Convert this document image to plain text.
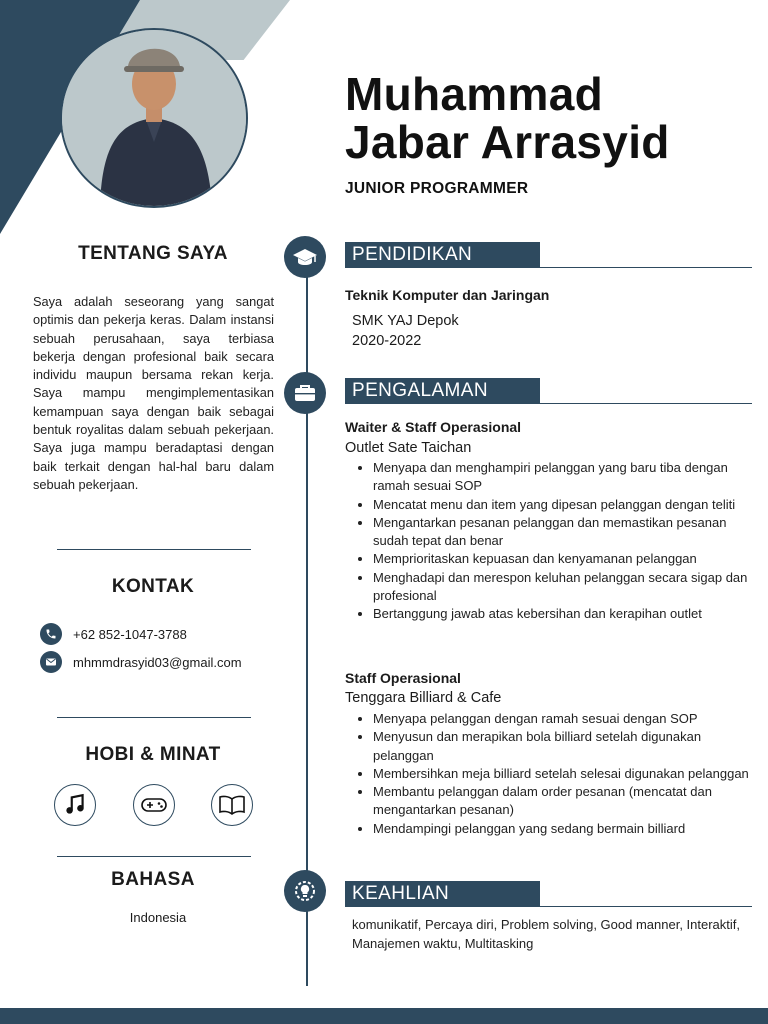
Muhammad
Jabar Arrasyid
JUNIOR PROGRAMMER
TENTANG SAYA
Saya adalah seseorang yang sangat optimis dan pekerja keras. Dalam instansi sebuah perusahaan, saya terbiasa bekerja dengan profesional baik secara individu maupun bersama rekan kerja. Saya mampu mengimplementasikan kemampuan saya dengan baik sebagai bentuk royalitas dalam sebuah pekerjaan. Saya juga mampu beradaptasi dengan baik terkait dengan hal-hal baru dalam sebuah pekerjaan.
KONTAK
+62 852-1047-3788
mhmmdrasyid03@gmail.com
HOBI & MINAT
BAHASA
Indonesia
PENDIDIKAN
Teknik Komputer dan Jaringan
SMK YAJ Depok
2020-2022
PENGALAMAN
Waiter & Staff Operasional
Outlet Sate Taichan
• Menyapa dan menghampiri pelanggan yang baru tiba dengan ramah sesuai SOP
• Mencatat menu dan item yang dipesan pelanggan dengan teliti
• Mengantarkan pesanan pelanggan dan memastikan pesanan sudah tepat dan benar
• Memprioritaskan kepuasan dan kenyamanan pelanggan
• Menghadapi dan merespon keluhan pelanggan secara sigap dan profesional
• Bertanggung jawab atas kebersihan dan kerapihan outlet
Staff Operasional
Tenggara Billiard & Cafe
• Menyapa pelanggan dengan ramah sesuai dengan SOP
• Menyusun dan merapikan bola billiard setelah digunakan pelanggan
• Membersihkan meja billiard setelah selesai digunakan pelanggan
• Membantu pelanggan dalam order pesanan (mencatat dan mengantarkan pesanan)
• Mendampingi pelanggan yang sedang bermain billiard
KEAHLIAN
komunikatif, Percaya diri, Problem solving, Good manner, Interaktif, Manajemen waktu, Multitasking
